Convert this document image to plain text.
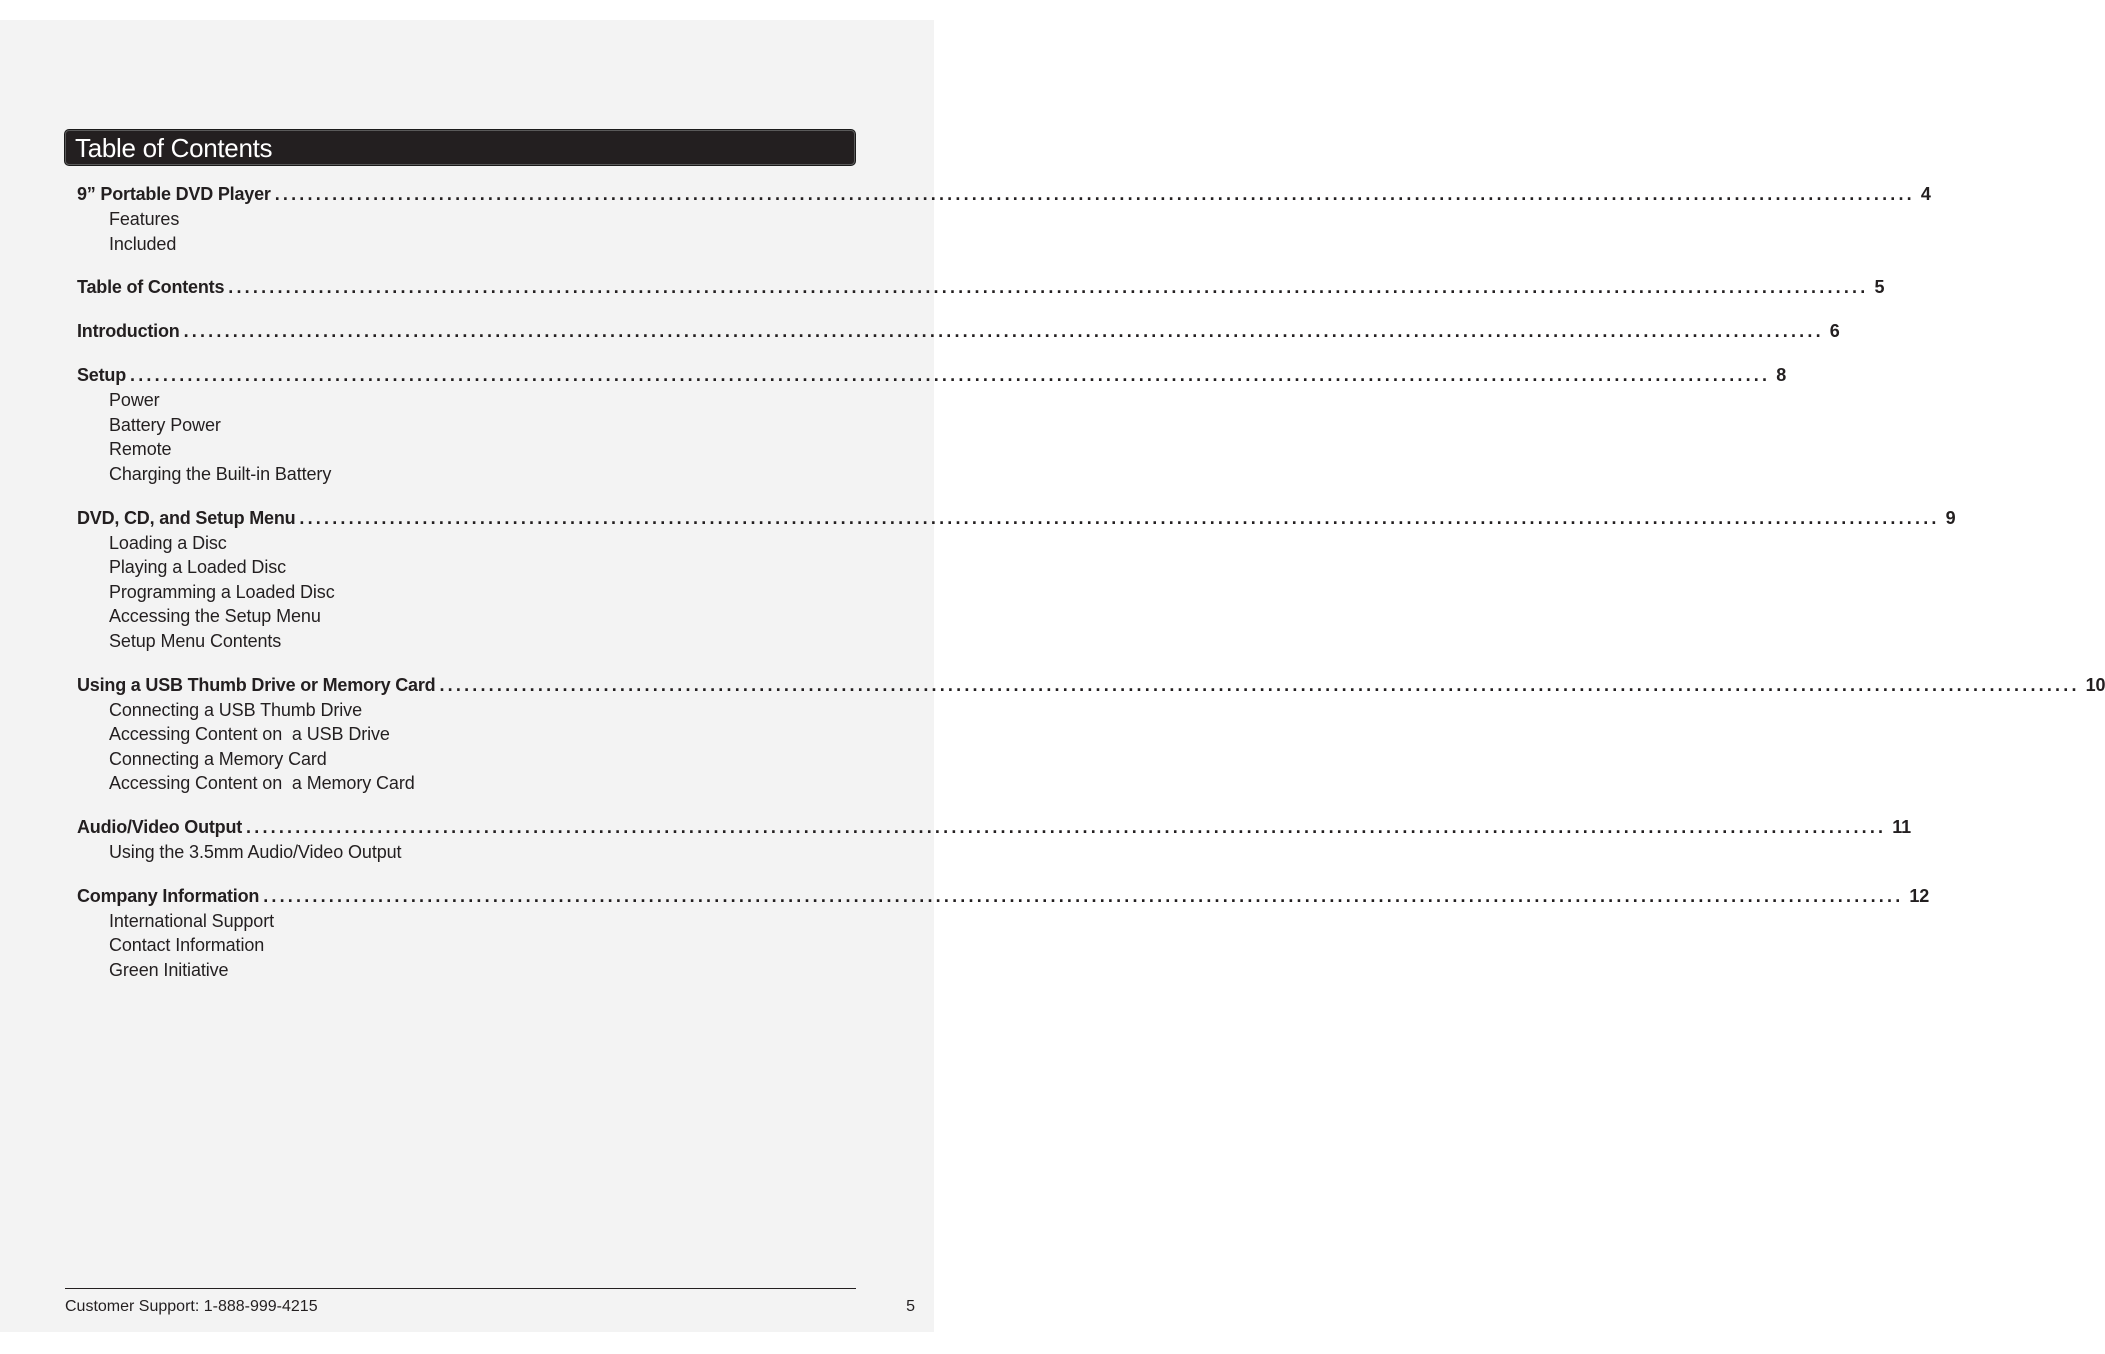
Table of Contents
9” Portable DVD Player ........................................................................................................................................................................................................ 4
Features
Included
Table of Contents ........................................................................................................................................................................................................ 5
Introduction ........................................................................................................................................................................................................ 6
Setup ........................................................................................................................................................................................................ 8
Power
Battery Power
Remote
Charging the Built-in Battery
DVD, CD, and Setup Menu ........................................................................................................................................................................................................ 9
Loading a Disc
Playing a Loaded Disc
Programming a Loaded Disc
Accessing the Setup Menu
Setup Menu Contents
Using a USB Thumb Drive or Memory Card ........................................................................................................................................................................................................ 10
Connecting a USB Thumb Drive
Accessing Content on  a USB Drive
Connecting a Memory Card
Accessing Content on  a Memory Card
Audio/Video Output ........................................................................................................................................................................................................ 11
Using the 3.5mm Audio/Video Output
Company Information ........................................................................................................................................................................................................ 12
International Support
Contact Information
Green Initiative
Customer Support: 1-888-999-4215	5
